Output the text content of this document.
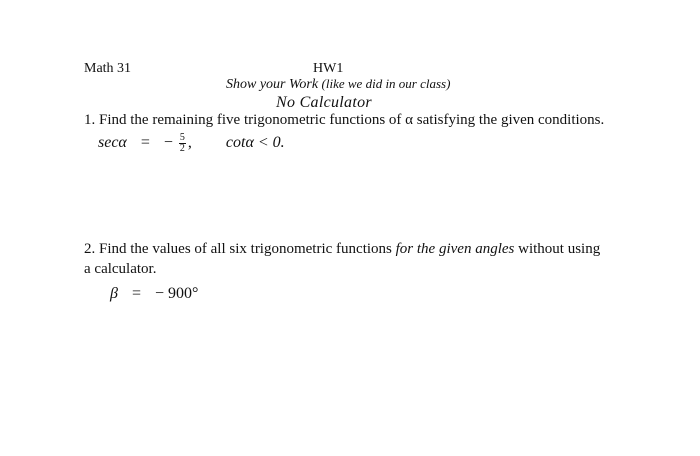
Math 31	HW1
Show your Work (like we did in our class)
No Calculator
1. Find the remaining five trigonometric functions of α satisfying the given conditions.
secα = − $\frac{5}{2}$ , cotα < 0.
2. Find the values of all six trigonometric functions for the given angles without using
a calculator.
β = − 900°
